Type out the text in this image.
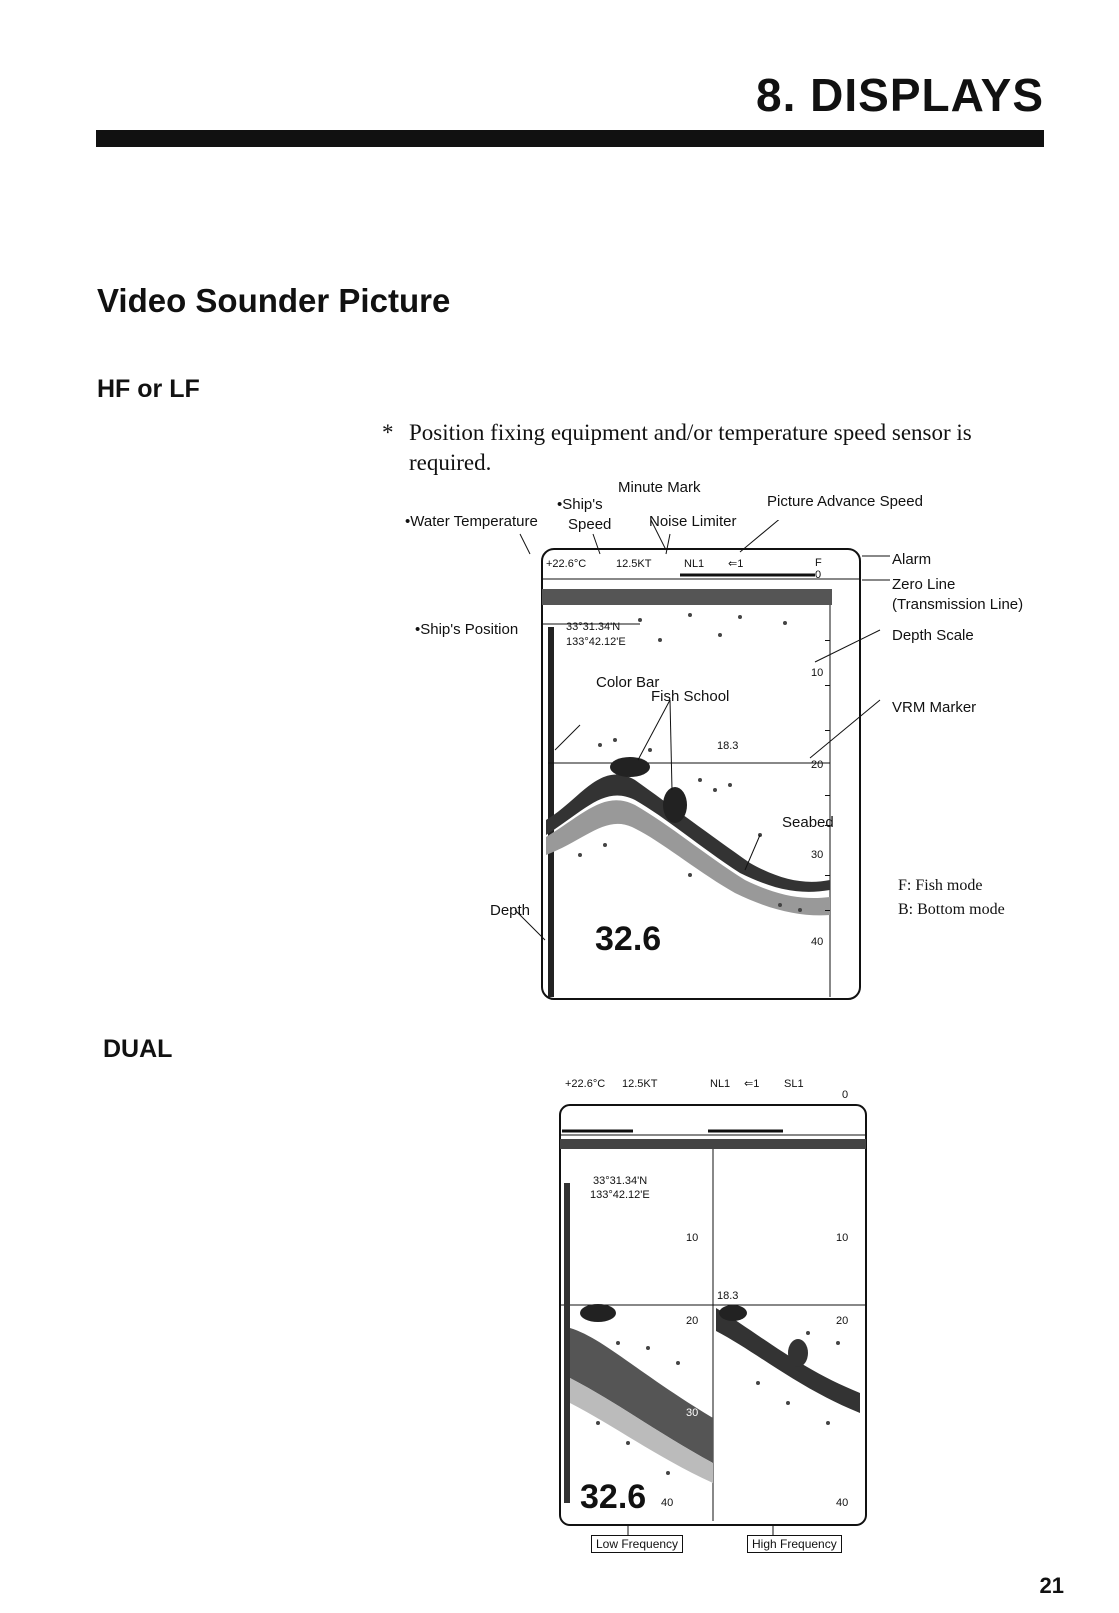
8. DISPLAYS
Video Sounder Picture
HF or LF
* Position fixing equipment and/or temperature speed sensor is required.
Minute Mark
•Ship's
Speed
•Water Temperature	Noise Limiter
Picture Advance Speed
Alarm
Zero Line
(Transmission Line)
Depth Scale
VRM Marker
•Ship's Position
Depth
+22.6°C	12.5KT	NL1 ⇐1	F
0
33°31.34'N
133°42.12'E
Color Bar
Fish School
18.3
Seabed
10
20
30
40
32.6
F: Fish mode
B: Bottom mode
DUAL
+22.6°C 12.5KT	NL1 ⇐1 SL1
0
33°31.34'N
133°42.12'E
10	10
18.3
20	20
30
32.6 40	40
Low Frequency	High Frequency
21
